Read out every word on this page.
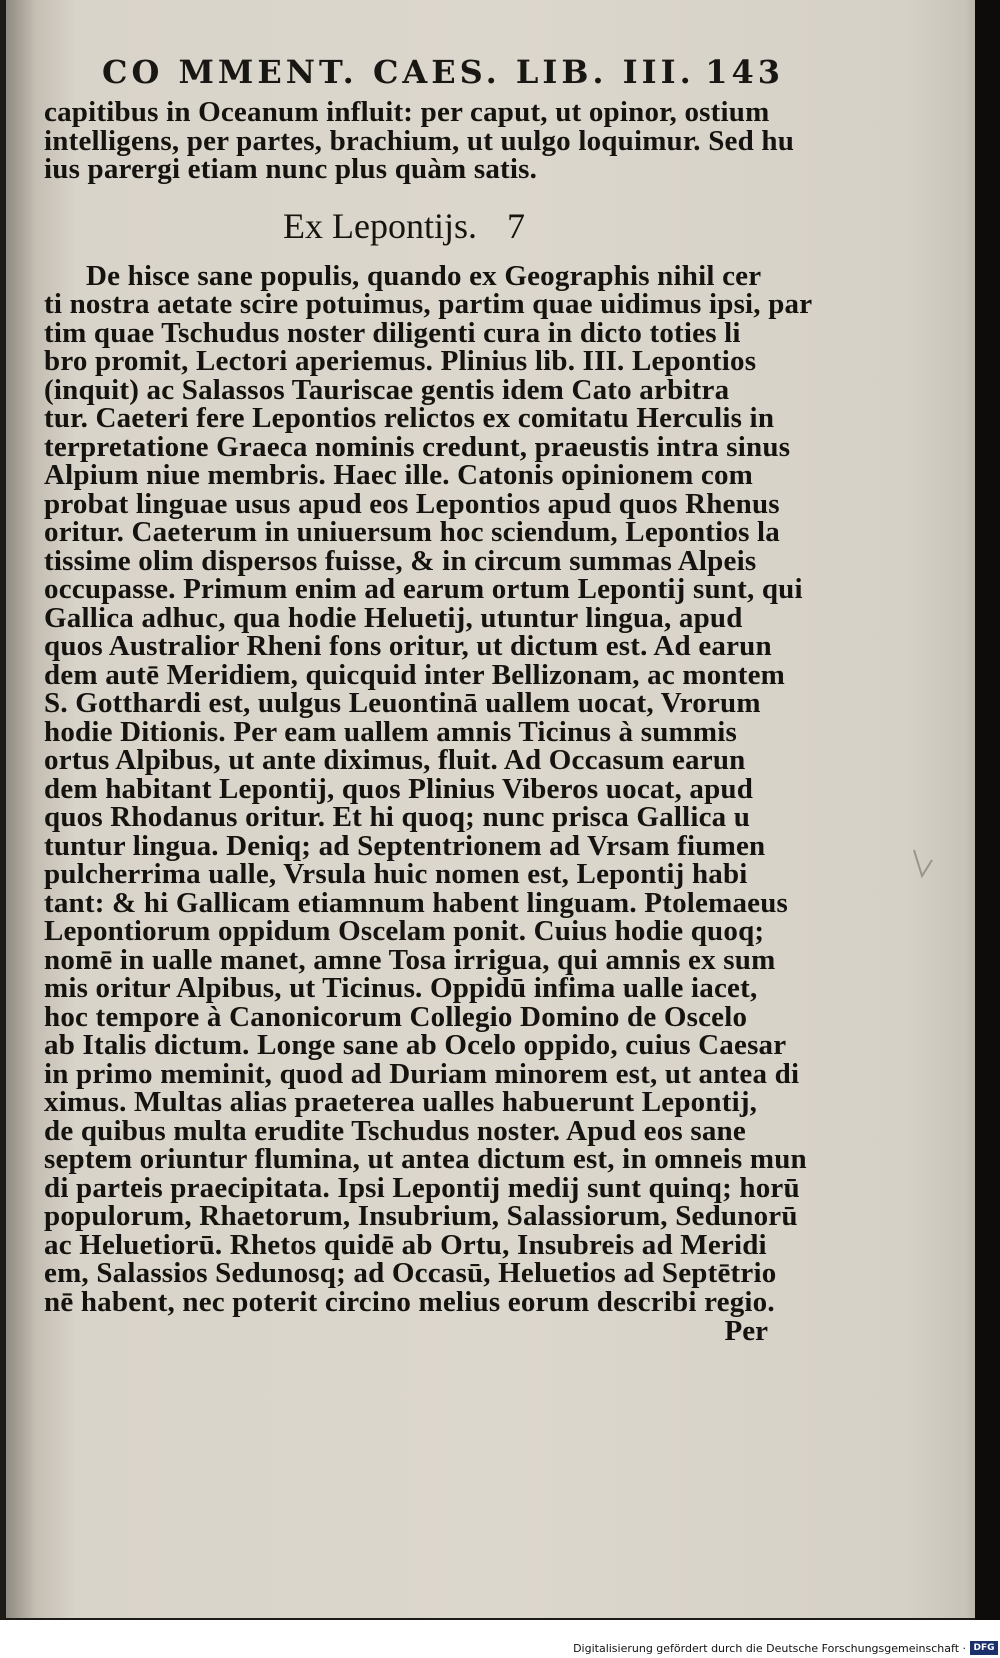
CO MMENT. CAES. LIB. III. 143
capitibus in Oceanum influit: per caput, ut opinor, ostium
intelligens, per partes, brachium, ut uulgo loquimur. Sed hu
ius parergi etiam nunc plus quàm satis.
Ex Lepontijs. 7
De hisce sane populis, quando ex Geographis nihil cer
ti nostra aetate scire potuimus, partim quae uidimus ipsi, par
tim quae Tschudus noster diligenti cura in dicto toties li
bro promit, Lectori aperiemus. Plinius lib. III. Lepontios
(inquit) ac Salassos Tauriscae gentis idem Cato arbitra
tur. Caeteri fere Lepontios relictos ex comitatu Herculis in
terpretatione Graeca nominis credunt, praeustis intra sinus
Alpium niue membris. Haec ille. Catonis opinionem com
probat linguae usus apud eos Lepontios apud quos Rhenus
oritur. Caeterum in uniuersum hoc sciendum, Lepontios la
tissime olim dispersos fuisse, & in circum summas Alpeis
occupasse. Primum enim ad earum ortum Lepontij sunt, qui
Gallica adhuc, qua hodie Heluetij, utuntur lingua, apud
quos Australior Rheni fons oritur, ut dictum est. Ad earun
dem autē Meridiem, quicquid inter Bellizonam, ac montem
S. Gotthardi est, uulgus Leuontinā uallem uocat, Vrorum
hodie Ditionis. Per eam uallem amnis Ticinus à summis
ortus Alpibus, ut ante diximus, fluit. Ad Occasum earun
dem habitant Lepontij, quos Plinius Viberos uocat, apud
quos Rhodanus oritur. Et hi quoq; nunc prisca Gallica u
tuntur lingua. Deniq; ad Septentrionem ad Vrsam fiumen
pulcherrima ualle, Vrsula huic nomen est, Lepontij habi
tant: & hi Gallicam etiamnum habent linguam. Ptolemaeus
Lepontiorum oppidum Oscelam ponit. Cuius hodie quoq;
nomē in ualle manet, amne Tosa irrigua, qui amnis ex sum
mis oritur Alpibus, ut Ticinus. Oppidū infima ualle iacet,
hoc tempore à Canonicorum Collegio Domino de Oscelo
ab Italis dictum. Longe sane ab Ocelo oppido, cuius Caesar
in primo meminit, quod ad Duriam minorem est, ut antea di
ximus. Multas alias praeterea ualles habuerunt Lepontij,
de quibus multa erudite Tschudus noster. Apud eos sane
septem oriuntur flumina, ut antea dictum est, in omneis mun
di parteis praecipitata. Ipsi Lepontij medij sunt quinq; horū
populorum, Rhaetorum, Insubrium, Salassiorum, Sedunorū
ac Heluetiorū. Rhetos quidē ab Ortu, Insubreis ad Meridi
em, Salassios Sedunosq; ad Occasū, Heluetios ad Septētrio
nē habent, nec poterit circino melius eorum describi regio.
Per
Digitalisierung gefördert durch die Deutsche Forschungsgemeinschaft · DFG
